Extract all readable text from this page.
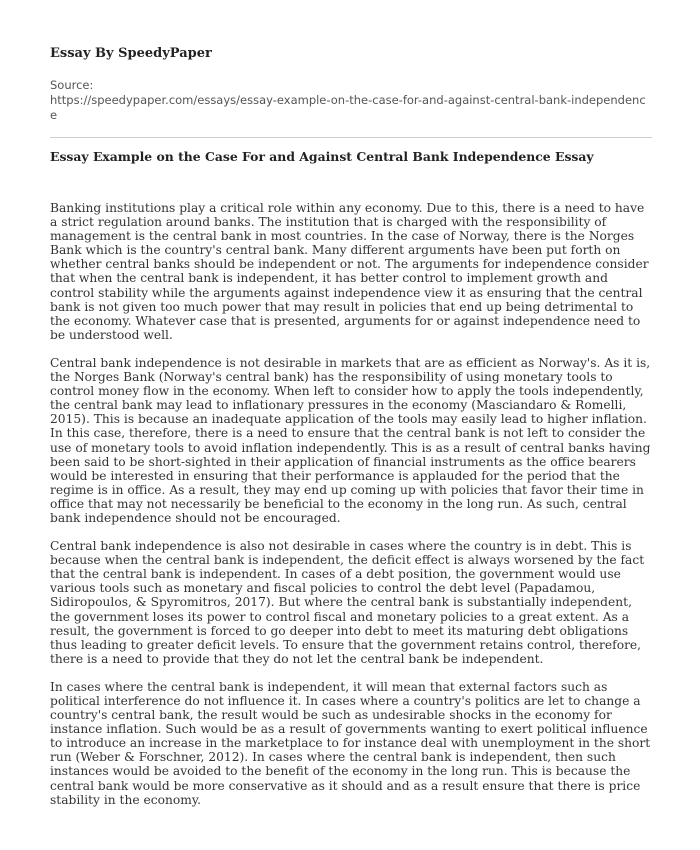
Essay By SpeedyPaper
Source:
https://speedypaper.com/essays/essay-example-on-the-case-for-and-against-central-bank-independence
Essay Example on the Case For and Against Central Bank Independence Essay

Banking institutions play a critical role within any economy. Due to this, there is a need to have a strict regulation around banks. The institution that is charged with the responsibility of management is the central bank in most countries. In the case of Norway, there is the Norges Bank which is the country's central bank. Many different arguments have been put forth on whether central banks should be independent or not. The arguments for independence consider that when the central bank is independent, it has better control to implement growth and control stability while the arguments against independence view it as ensuring that the central bank is not given too much power that may result in policies that end up being detrimental to the economy. Whatever case that is presented, arguments for or against independence need to be understood well.

Central bank independence is not desirable in markets that are as efficient as Norway's. As it is, the Norges Bank (Norway's central bank) has the responsibility of using monetary tools to control money flow in the economy. When left to consider how to apply the tools independently, the central bank may lead to inflationary pressures in the economy (Masciandaro & Romelli, 2015). This is because an inadequate application of the tools may easily lead to higher inflation. In this case, therefore, there is a need to ensure that the central bank is not left to consider the use of monetary tools to avoid inflation independently. This is as a result of central banks having been said to be short-sighted in their application of financial instruments as the office bearers would be interested in ensuring that their performance is applauded for the period that the regime is in office. As a result, they may end up coming up with policies that favor their time in office that may not necessarily be beneficial to the economy in the long run. As such, central bank independence should not be encouraged.

Central bank independence is also not desirable in cases where the country is in debt. This is because when the central bank is independent, the deficit effect is always worsened by the fact that the central bank is independent. In cases of a debt position, the government would use various tools such as monetary and fiscal policies to control the debt level (Papadamou, Sidiropoulos, & Spyromitros, 2017). But where the central bank is substantially independent, the government loses its power to control fiscal and monetary policies to a great extent. As a result, the government is forced to go deeper into debt to meet its maturing debt obligations thus leading to greater deficit levels. To ensure that the government retains control, therefore, there is a need to provide that they do not let the central bank be independent.

In cases where the central bank is independent, it will mean that external factors such as political interference do not influence it. In cases where a country's politics are let to change a country's central bank, the result would be such as undesirable shocks in the economy for instance inflation. Such would be as a result of governments wanting to exert political influence to introduce an increase in the marketplace to for instance deal with unemployment in the short run (Weber & Forschner, 2012). In cases where the central bank is independent, then such instances would be avoided to the benefit of the economy in the long run. This is because the central bank would be more conservative as it should and as a result ensure that there is price stability in the economy.
